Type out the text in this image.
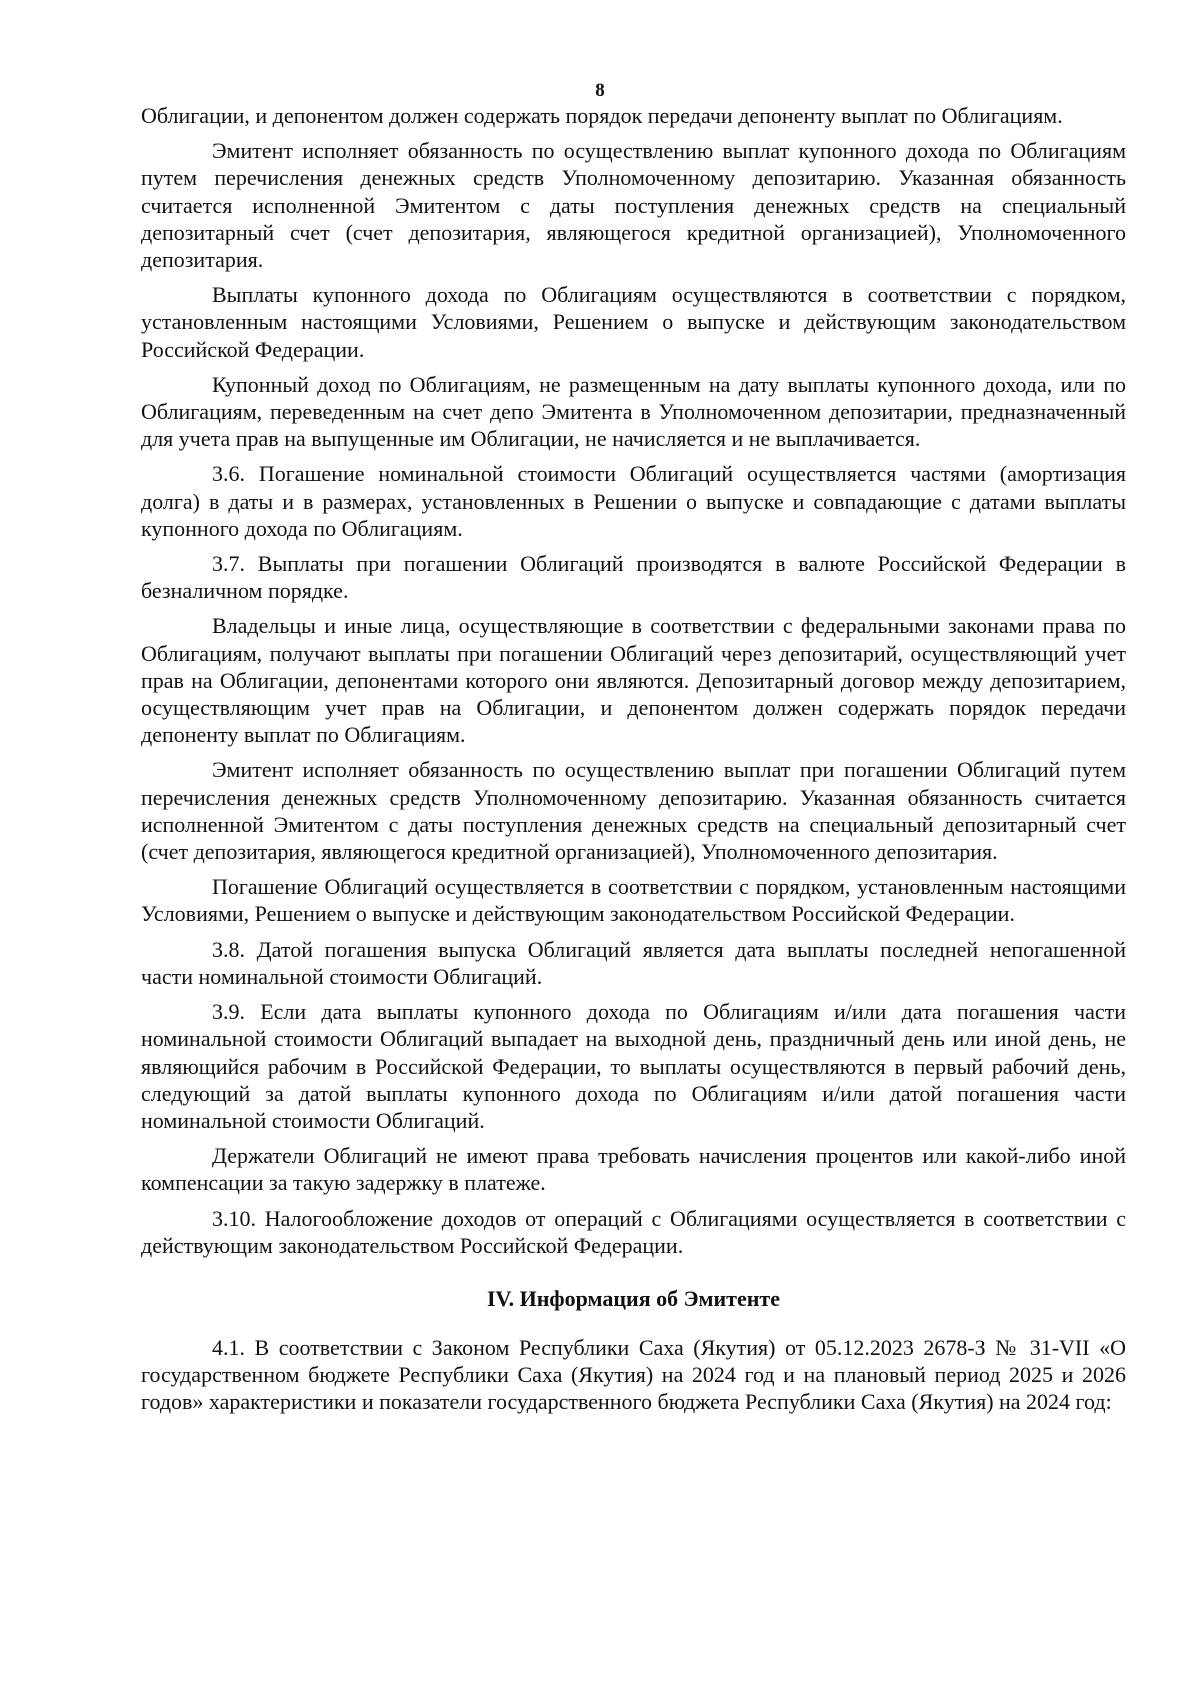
8

Облигации, и депонентом должен содержать порядок передачи депоненту выплат по Облигациям.

Эмитент исполняет обязанность по осуществлению выплат купонного дохода по Облигациям путем перечисления денежных средств Уполномоченному депозитарию. Указанная обязанность считается исполненной Эмитентом с даты поступления денежных средств на специальный депозитарный счет (счет депозитария, являющегося кредитной организацией), Уполномоченного депозитария.

Выплаты купонного дохода по Облигациям осуществляются в соответствии с порядком, установленным настоящими Условиями, Решением о выпуске и действующим законодательством Российской Федерации.

Купонный доход по Облигациям, не размещенным на дату выплаты купонного дохода, или по Облигациям, переведенным на счет депо Эмитента в Уполномоченном депозитарии, предназначенный для учета прав на выпущенные им Облигации, не начисляется и не выплачивается.

3.6. Погашение номинальной стоимости Облигаций осуществляется частями (амортизация долга) в даты и в размерах, установленных в Решении о выпуске и совпадающие с датами выплаты купонного дохода по Облигациям.

3.7. Выплаты при погашении Облигаций производятся в валюте Российской Федерации в безналичном порядке.

Владельцы и иные лица, осуществляющие в соответствии с федеральными законами права по Облигациям, получают выплаты при погашении Облигаций через депозитарий, осуществляющий учет прав на Облигации, депонентами которого они являются. Депозитарный договор между депозитарием, осуществляющим учет прав на Облигации, и депонентом должен содержать порядок передачи депоненту выплат по Облигациям.

Эмитент исполняет обязанность по осуществлению выплат при погашении Облигаций путем перечисления денежных средств Уполномоченному депозитарию. Указанная обязанность считается исполненной Эмитентом с даты поступления денежных средств на специальный депозитарный счет (счет депозитария, являющегося кредитной организацией), Уполномоченного депозитария.

Погашение Облигаций осуществляется в соответствии с порядком, установленным настоящими Условиями, Решением о выпуске и действующим законодательством Российской Федерации.

3.8. Датой погашения выпуска Облигаций является дата выплаты последней непогашенной части номинальной стоимости Облигаций.

3.9. Если дата выплаты купонного дохода по Облигациям и/или дата погашения части номинальной стоимости Облигаций выпадает на выходной день, праздничный день или иной день, не являющийся рабочим в Российской Федерации, то выплаты осуществляются в первый рабочий день, следующий за датой выплаты купонного дохода по Облигациям и/или датой погашения части номинальной стоимости Облигаций.

Держатели Облигаций не имеют права требовать начисления процентов или какой-либо иной компенсации за такую задержку в платеже.

3.10. Налогообложение доходов от операций с Облигациями осуществляется в соответствии с действующим законодательством Российской Федерации.

IV. Информация об Эмитенте

4.1. В соответствии с Законом Республики Саха (Якутия) от 05.12.2023 2678-З № 31-VII «О государственном бюджете Республики Саха (Якутия) на 2024 год и на плановый период 2025 и 2026 годов» характеристики и показатели государственного бюджета Республики Саха (Якутия) на 2024 год:
